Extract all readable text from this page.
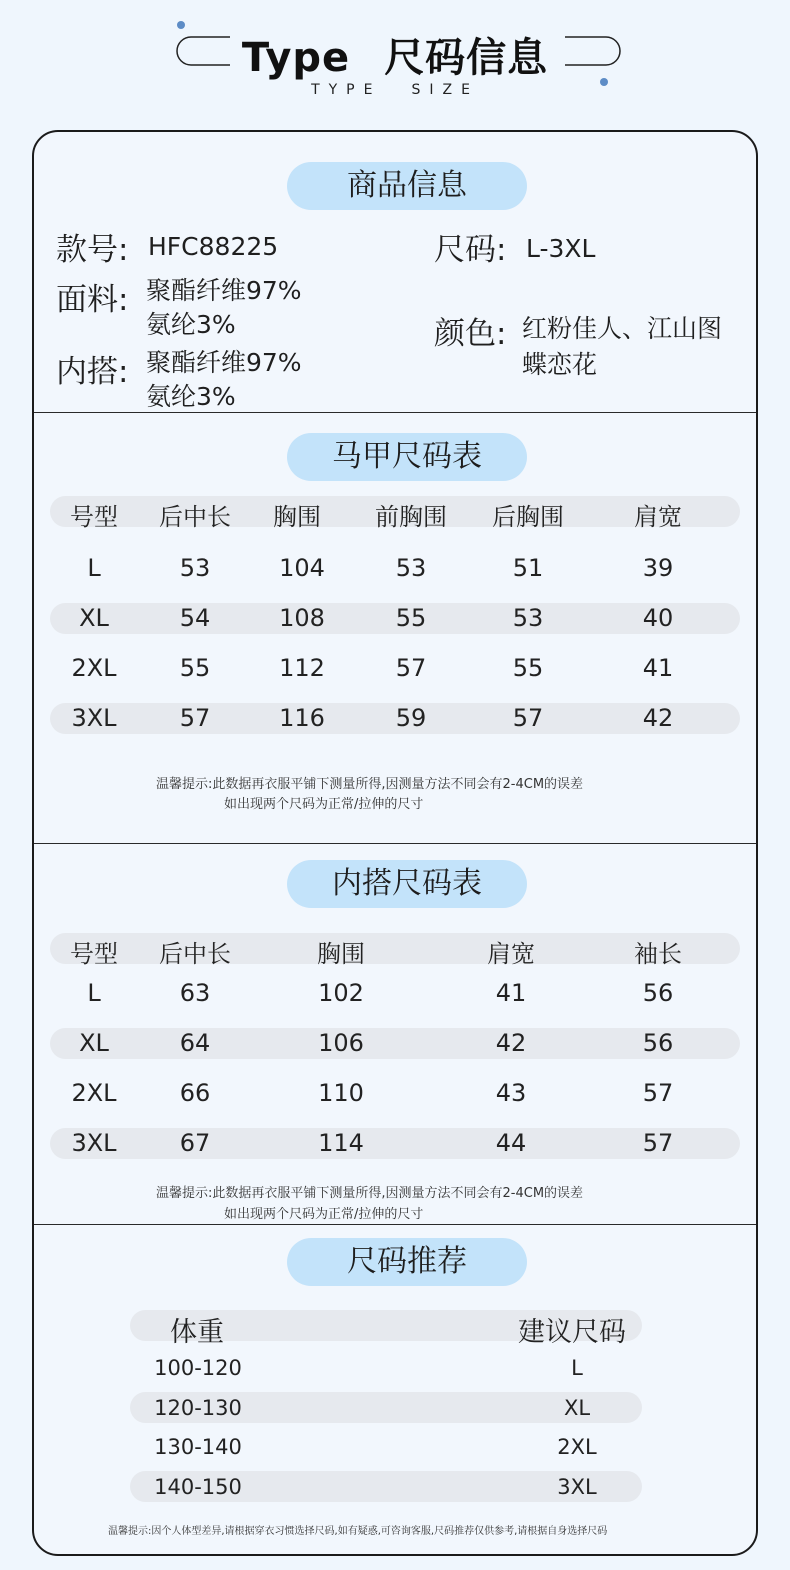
Type 尺码信息
TYPE SIZE
商品信息
款号: HFC88225
面料: 聚酯纤维97%
氨纶3%
内搭: 聚酯纤维97%
氨纶3%
尺码: L-3XL
颜色: 红粉佳人、江山图
蝶恋花
马甲尺码表
号型 后中长 胸围 前胸围 后胸围	肩宽
L	53	104	53	51	39
XL	54	108	55	53	40
2XL	55	112	57	55	41
3XL	57	116	59	57	42
温馨提示:此数据再衣服平铺下测量所得,因测量方法不同会有2-4CM的误差
如出现两个尺码为正常/拉伸的尺寸
内搭尺码表
号型 后中长	胸围	肩宽	袖长
L	63	102	41	56
XL	64	106	42	56
2XL	66	110	43	57
3XL	67	114	44	57
温馨提示:此数据再衣服平铺下测量所得,因测量方法不同会有2-4CM的误差
如出现两个尺码为正常/拉伸的尺寸
尺码推荐
体重	建议尺码
100-120	L
120-130	XL
130-140	2XL
140-150	3XL
温馨提示:因个人体型差异,请根据穿衣习惯选择尺码,如有疑惑,可咨询客服,尺码推荐仅供参考,请根据自身选择尺码
